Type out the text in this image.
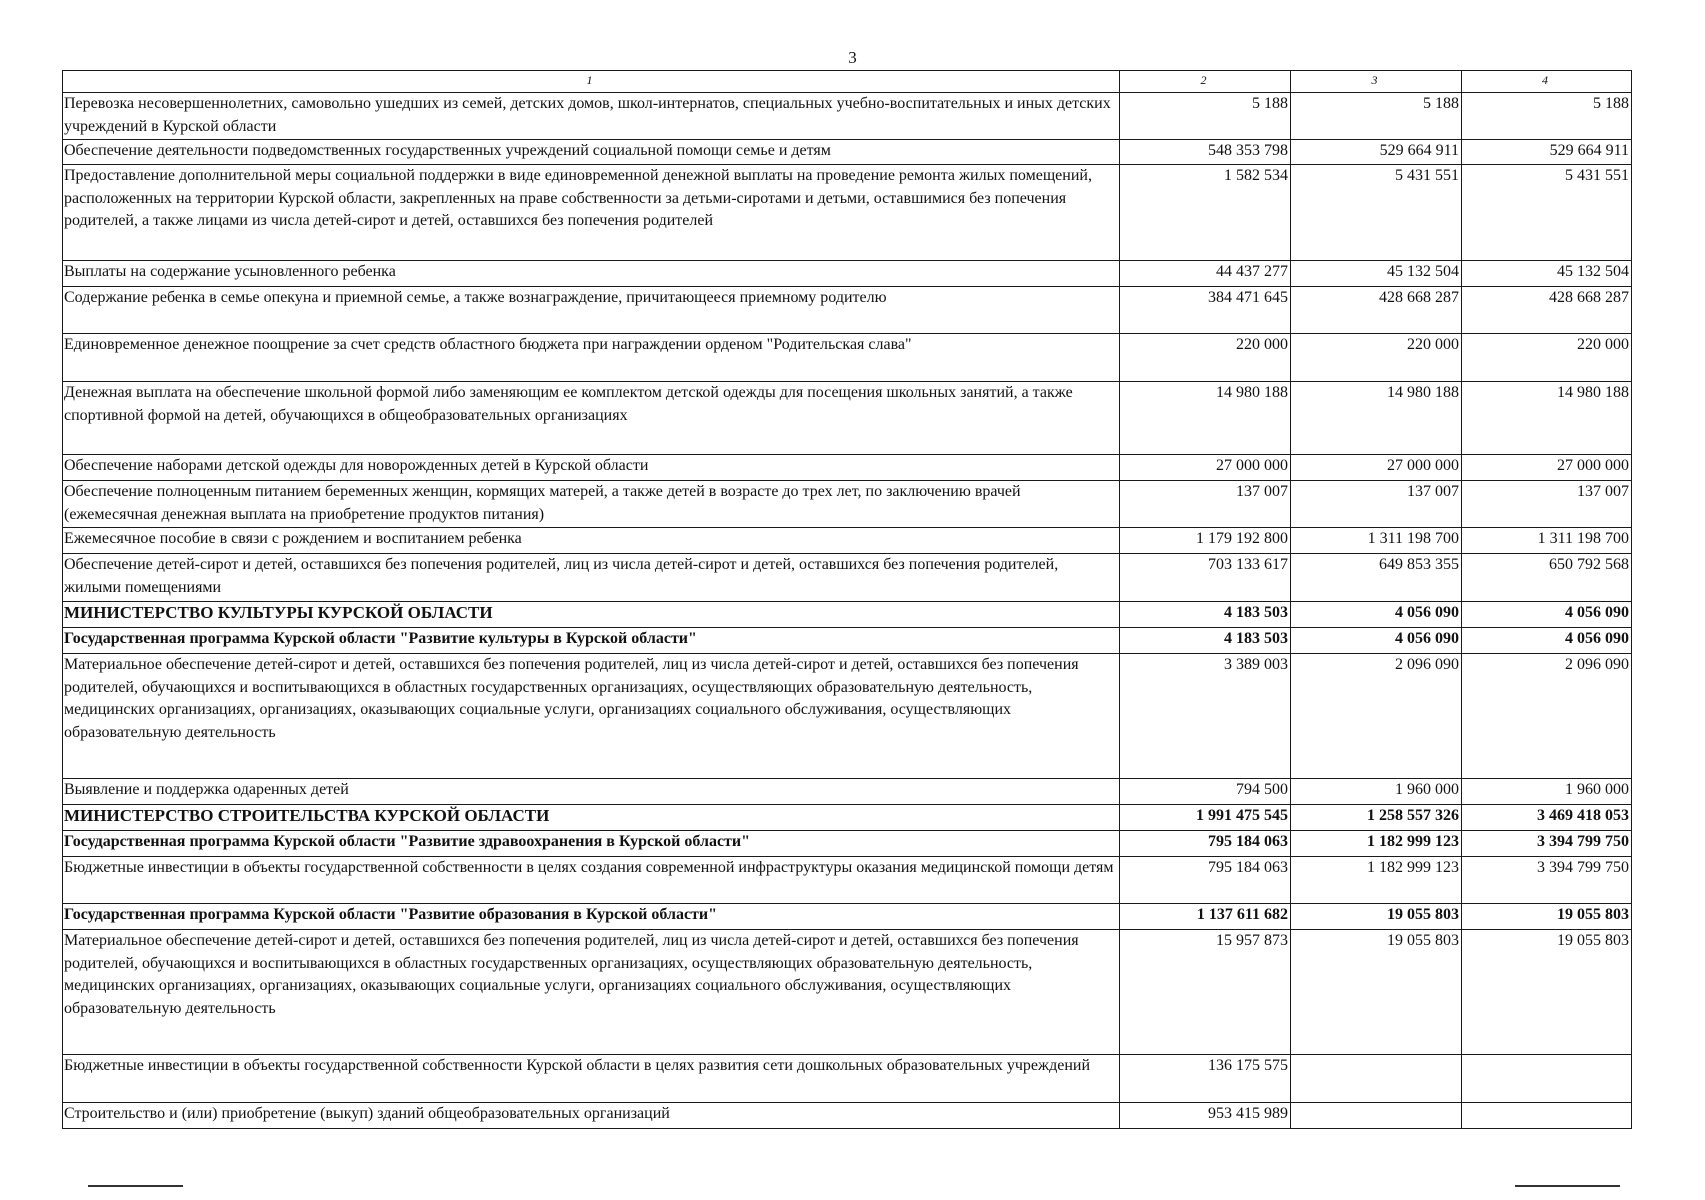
3
1	2	3	4
Перевозка несовершеннолетних, самовольно ушедших из семей, детских домов, школ-интернатов, специальных учебно-воспитательных и иных детских учреждений в Курской области	5 188	5 188	5 188
Обеспечение деятельности подведомственных государственных учреждений социальной помощи семье и детям	548 353 798	529 664 911	529 664 911
Предоставление дополнительной меры социальной поддержки в виде единовременной денежной выплаты на проведение ремонта жилых помещений, расположенных на территории Курской области, закрепленных на праве собственности за детьми-сиротами и детьми, оставшимися без попечения родителей, а также лицами из числа детей-сирот и детей, оставшихся без попечения родителей	1 582 534	5 431 551	5 431 551
Выплаты на содержание усыновленного ребенка	44 437 277	45 132 504	45 132 504
Содержание ребенка в семье опекуна и приемной семье, а также вознаграждение, причитающееся приемному родителю	384 471 645	428 668 287	428 668 287
Единовременное денежное поощрение за счет средств областного бюджета при награждении орденом "Родительская слава"	220 000	220 000	220 000
Денежная выплата на обеспечение школьной формой либо заменяющим ее комплектом детской одежды для посещения школьных занятий, а также спортивной формой на детей, обучающихся в общеобразовательных организациях	14 980 188	14 980 188	14 980 188
Обеспечение наборами детской одежды для новорожденных детей в Курской области	27 000 000	27 000 000	27 000 000
Обеспечение полноценным питанием беременных женщин, кормящих матерей, а также детей в возрасте до трех лет, по заключению врачей (ежемесячная денежная выплата на приобретение продуктов питания)	137 007	137 007	137 007
Ежемесячное пособие в связи с рождением и воспитанием ребенка	1 179 192 800	1 311 198 700	1 311 198 700
Обеспечение детей-сирот и детей, оставшихся без попечения родителей, лиц из числа детей-сирот и детей, оставшихся без попечения родителей, жилыми помещениями	703 133 617	649 853 355	650 792 568
МИНИСТЕРСТВО КУЛЬТУРЫ КУРСКОЙ ОБЛАСТИ	4 183 503	4 056 090	4 056 090
Государственная программа Курской области "Развитие культуры в Курской области"	4 183 503	4 056 090	4 056 090
Материальное обеспечение детей-сирот и детей, оставшихся без попечения родителей, лиц из числа детей-сирот и детей, оставшихся без попечения родителей, обучающихся и воспитывающихся в областных государственных организациях, осуществляющих образовательную деятельность, медицинских организациях, организациях, оказывающих социальные услуги, организациях социального обслуживания, осуществляющих образовательную деятельность	3 389 003	2 096 090	2 096 090
Выявление и поддержка одаренных детей	794 500	1 960 000	1 960 000
МИНИСТЕРСТВО СТРОИТЕЛЬСТВА КУРСКОЙ ОБЛАСТИ	1 991 475 545	1 258 557 326	3 469 418 053
Государственная программа Курской области "Развитие здравоохранения в Курской области"	795 184 063	1 182 999 123	3 394 799 750
Бюджетные инвестиции в объекты государственной собственности в целях создания современной инфраструктуры оказания медицинской помощи детям	795 184 063	1 182 999 123	3 394 799 750
Государственная программа Курской области "Развитие образования в Курской области"	1 137 611 682	19 055 803	19 055 803
Материальное обеспечение детей-сирот и детей, оставшихся без попечения родителей, лиц из числа детей-сирот и детей, оставшихся без попечения родителей, обучающихся и воспитывающихся в областных государственных организациях, осуществляющих образовательную деятельность, медицинских организациях, организациях, оказывающих социальные услуги, организациях социального обслуживания, осуществляющих образовательную деятельность	15 957 873	19 055 803	19 055 803
Бюджетные инвестиции в объекты государственной собственности Курской области в целях развития сети дошкольных образовательных учреждений	136 175 575		
Строительство и (или) приобретение (выкуп) зданий общеобразовательных организаций	953 415 989		
